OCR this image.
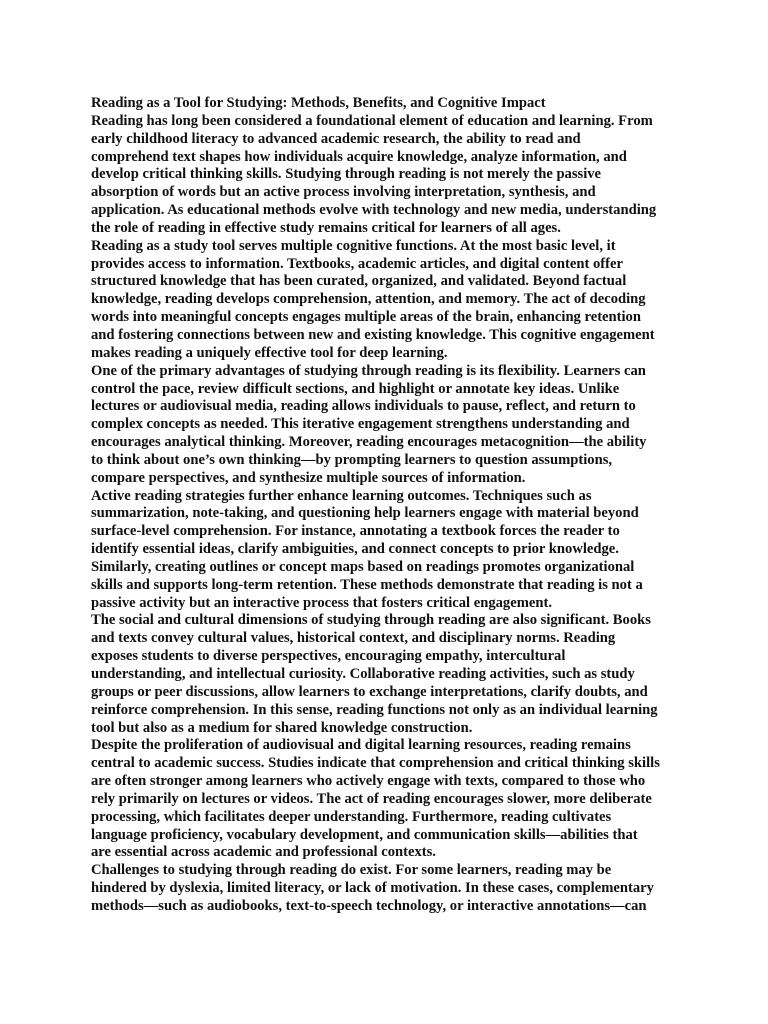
Reading as a Tool for Studying: Methods, Benefits, and Cognitive Impact
Reading has long been considered a foundational element of education and learning. From
early childhood literacy to advanced academic research, the ability to read and
comprehend text shapes how individuals acquire knowledge, analyze information, and
develop critical thinking skills. Studying through reading is not merely the passive
absorption of words but an active process involving interpretation, synthesis, and
application. As educational methods evolve with technology and new media, understanding
the role of reading in effective study remains critical for learners of all ages.
Reading as a study tool serves multiple cognitive functions. At the most basic level, it
provides access to information. Textbooks, academic articles, and digital content offer
structured knowledge that has been curated, organized, and validated. Beyond factual
knowledge, reading develops comprehension, attention, and memory. The act of decoding
words into meaningful concepts engages multiple areas of the brain, enhancing retention
and fostering connections between new and existing knowledge. This cognitive engagement
makes reading a uniquely effective tool for deep learning.
One of the primary advantages of studying through reading is its flexibility. Learners can
control the pace, review difficult sections, and highlight or annotate key ideas. Unlike
lectures or audiovisual media, reading allows individuals to pause, reflect, and return to
complex concepts as needed. This iterative engagement strengthens understanding and
encourages analytical thinking. Moreover, reading encourages metacognition—the ability
to think about one’s own thinking—by prompting learners to question assumptions,
compare perspectives, and synthesize multiple sources of information.
Active reading strategies further enhance learning outcomes. Techniques such as
summarization, note-taking, and questioning help learners engage with material beyond
surface-level comprehension. For instance, annotating a textbook forces the reader to
identify essential ideas, clarify ambiguities, and connect concepts to prior knowledge.
Similarly, creating outlines or concept maps based on readings promotes organizational
skills and supports long-term retention. These methods demonstrate that reading is not a
passive activity but an interactive process that fosters critical engagement.
The social and cultural dimensions of studying through reading are also significant. Books
and texts convey cultural values, historical context, and disciplinary norms. Reading
exposes students to diverse perspectives, encouraging empathy, intercultural
understanding, and intellectual curiosity. Collaborative reading activities, such as study
groups or peer discussions, allow learners to exchange interpretations, clarify doubts, and
reinforce comprehension. In this sense, reading functions not only as an individual learning
tool but also as a medium for shared knowledge construction.
Despite the proliferation of audiovisual and digital learning resources, reading remains
central to academic success. Studies indicate that comprehension and critical thinking skills
are often stronger among learners who actively engage with texts, compared to those who
rely primarily on lectures or videos. The act of reading encourages slower, more deliberate
processing, which facilitates deeper understanding. Furthermore, reading cultivates
language proficiency, vocabulary development, and communication skills—abilities that
are essential across academic and professional contexts.
Challenges to studying through reading do exist. For some learners, reading may be
hindered by dyslexia, limited literacy, or lack of motivation. In these cases, complementary
methods—such as audiobooks, text-to-speech technology, or interactive annotations—can
